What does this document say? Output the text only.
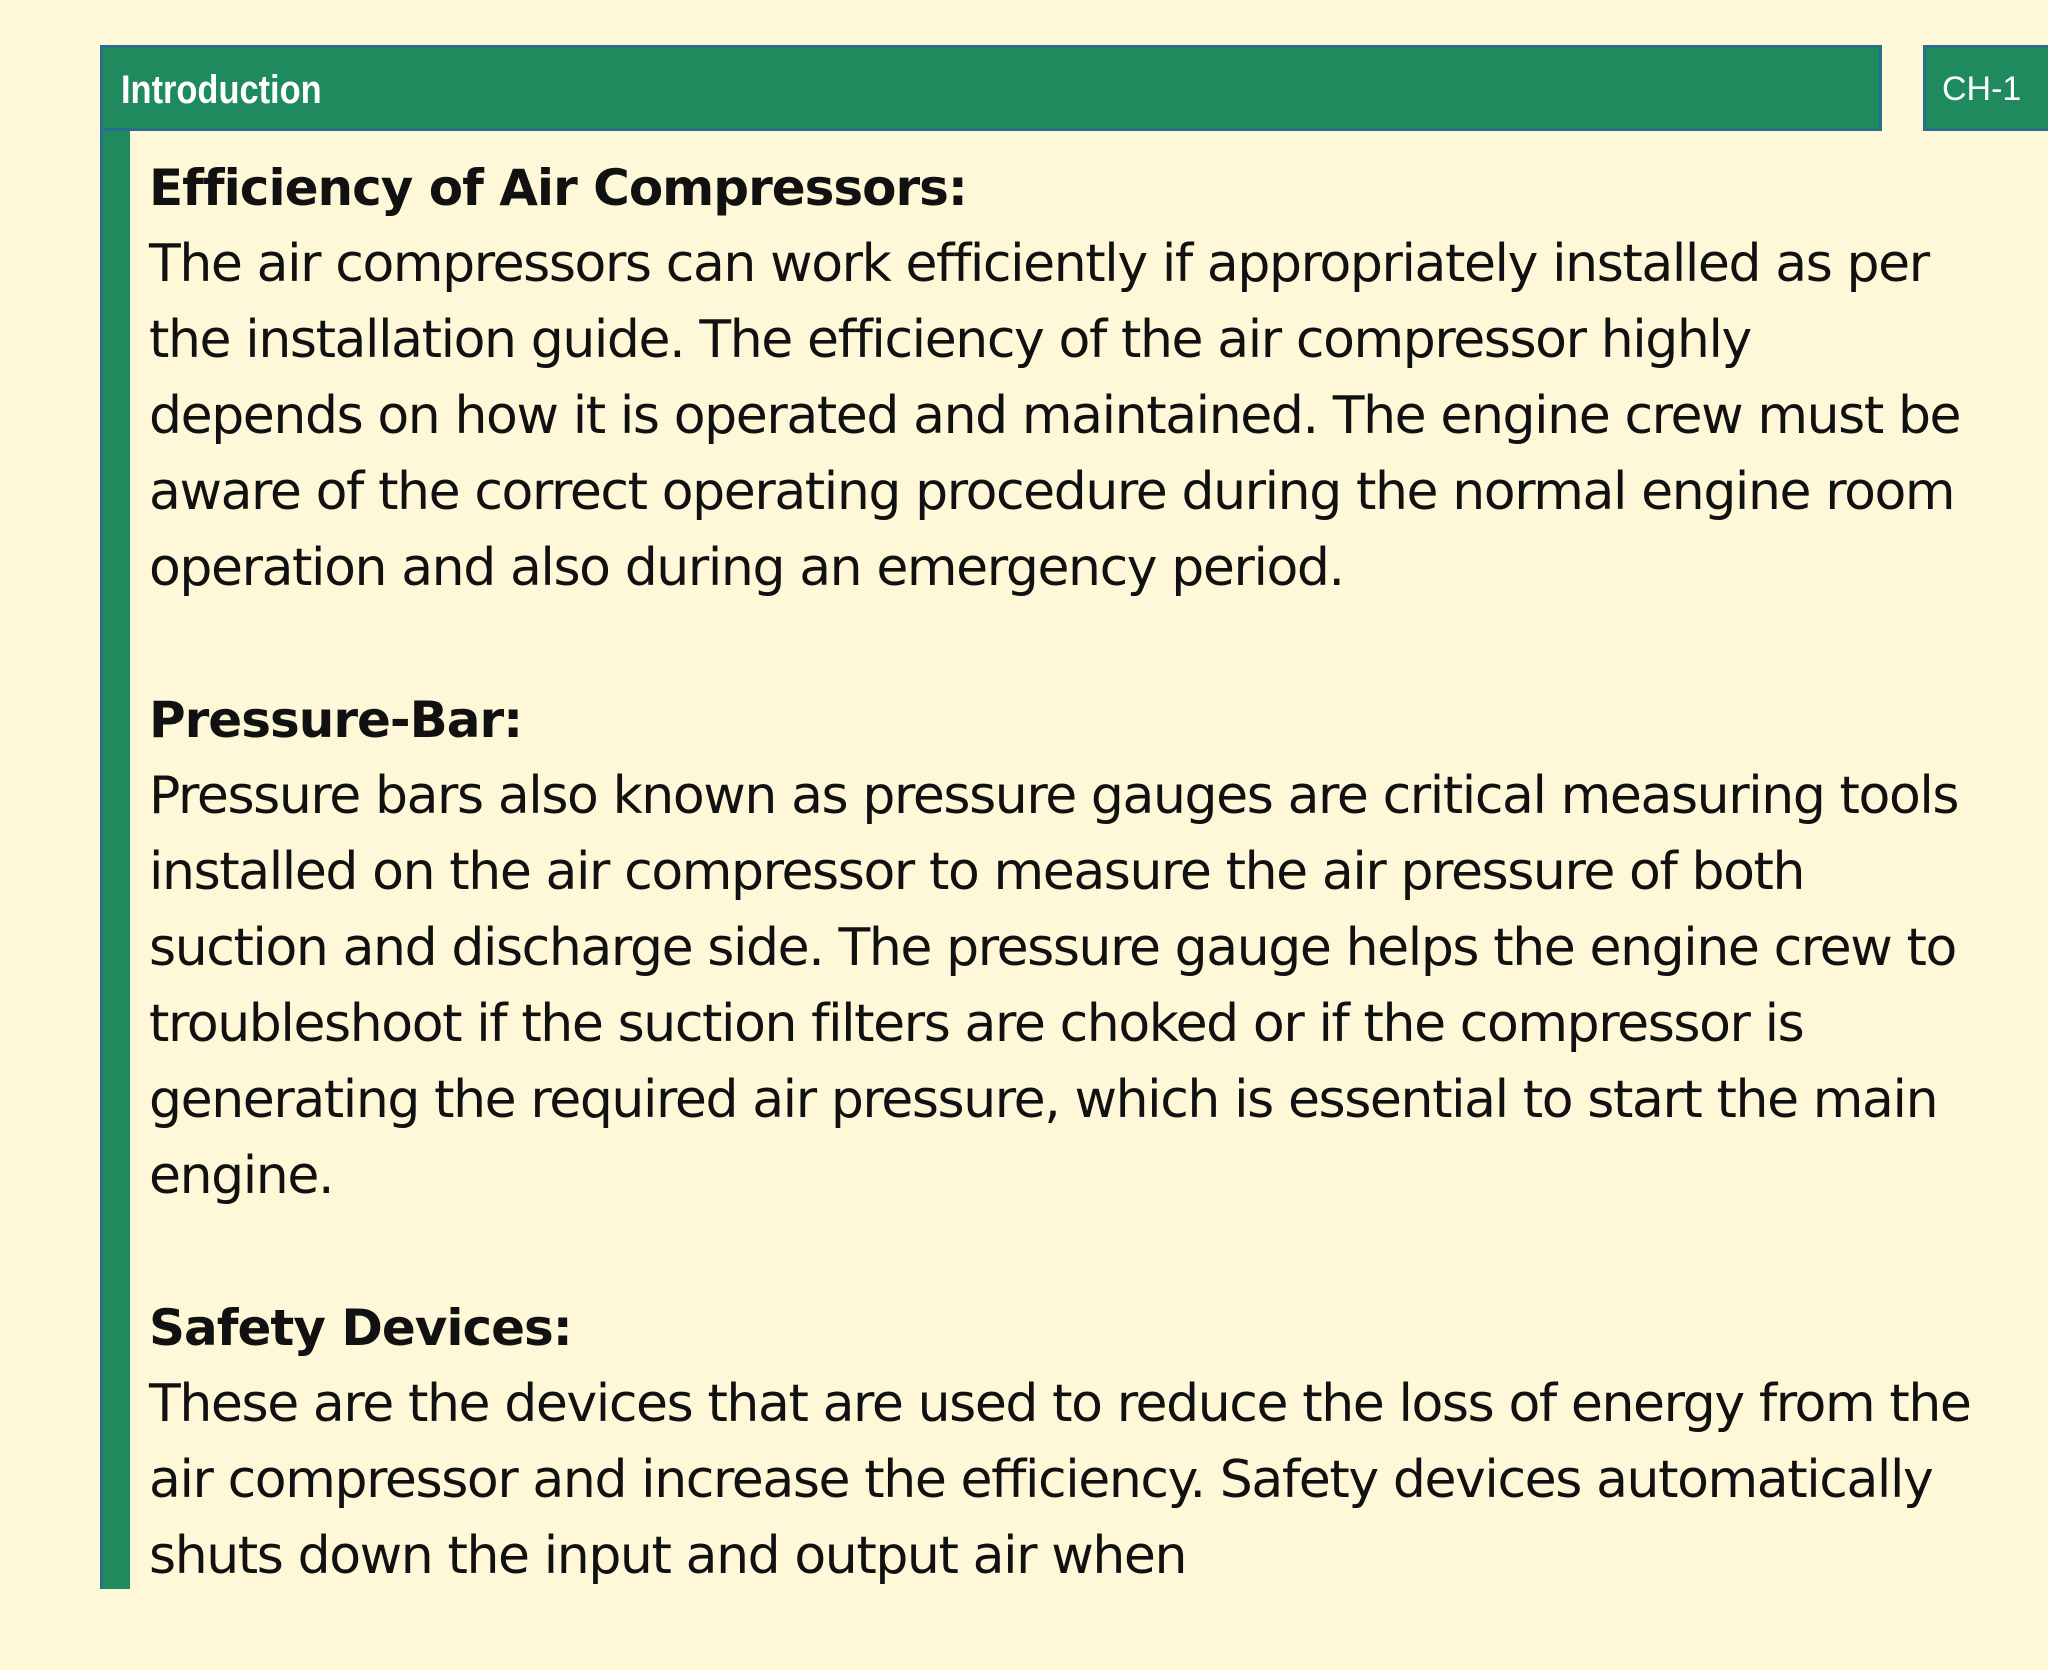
Introduction	CH-1
Efficiency of Air Compressors:
The air compressors can work efficiently if appropriately installed as per
the installation guide. The efficiency of the air compressor highly
depends on how it is operated and maintained. The engine crew must be
aware of the correct operating procedure during the normal engine room
operation and also during an emergency period.
Pressure-Bar:
Pressure bars also known as pressure gauges are critical measuring tools
installed on the air compressor to measure the air pressure of both
suction and discharge side. The pressure gauge helps the engine crew to
troubleshoot if the suction filters are choked or if the compressor is
generating the required air pressure, which is essential to start the main
engine.
Safety Devices:
These are the devices that are used to reduce the loss of energy from the
air compressor and increase the efficiency. Safety devices automatically
shuts down the input and output air when
